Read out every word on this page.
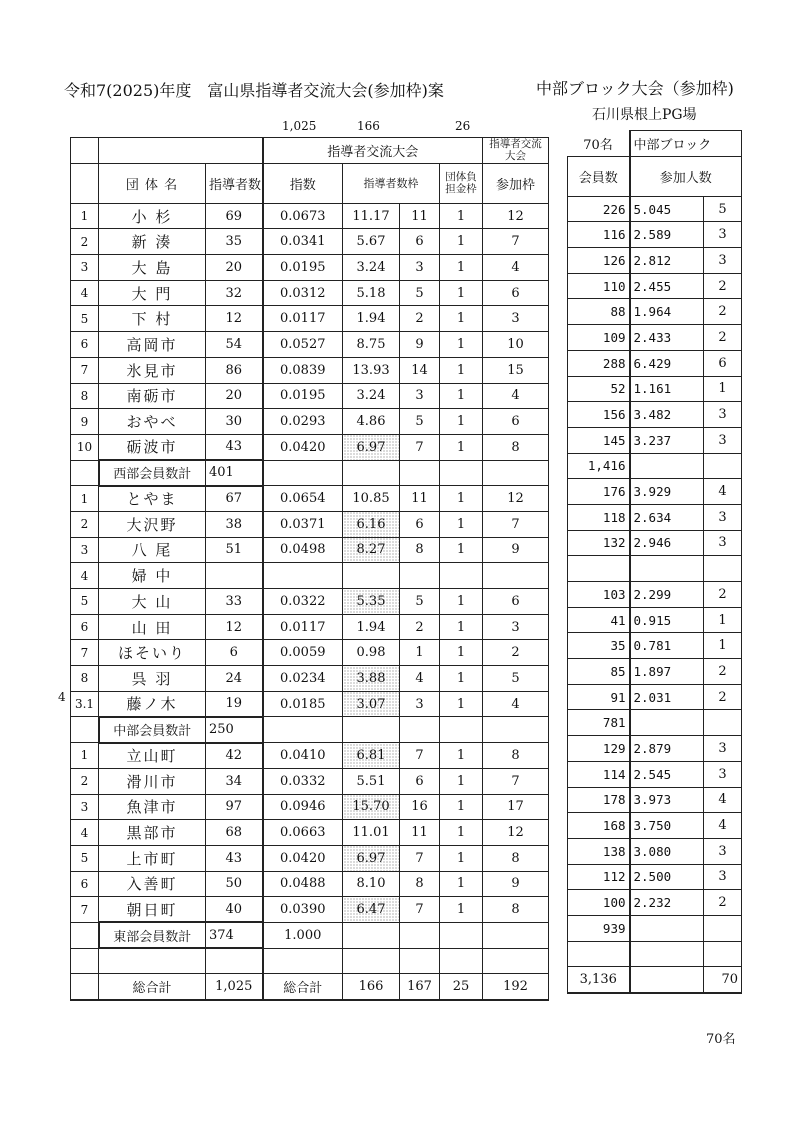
令和7(2025)年度　富山県指導者交流大会(参加枠)案	中部ブロック大会（参加枠)
石川県根上PG場
1,025	166	26
4
			指導者交流大会				指導者交流大会
	団 体 名	指導者数	指数	指導者数枠		団体負担金枠	参加枠
1	小 杉	69	0.0673	11.17	11	1	12
2	新 湊	35	0.0341	5.67	6	1	7
3	大 島	20	0.0195	3.24	3	1	4
4	大 門	32	0.0312	5.18	5	1	6
5	下 村	12	0.0117	1.94	2	1	3
6	高岡市	54	0.0527	8.75	9	1	10
7	氷見市	86	0.0839	13.93	14	1	15
8	南砺市	20	0.0195	3.24	3	1	4
9	おやべ	30	0.0293	4.86	5	1	6
10	砺波市	43	0.0420	6.97	7	1	8
	西部会員数計	401					
1	とやま	67	0.0654	10.85	11	1	12
2	大沢野	38	0.0371	6.16	6	1	7
3	八 尾	51	0.0498	8.27	8	1	9
4	婦 中						
5	大 山	33	0.0322	5.35	5	1	6
6	山 田	12	0.0117	1.94	2	1	3
7	ほそいり	6	0.0059	0.98	1	1	2
8	呉 羽	24	0.0234	3.88	4	1	5
3.1	藤ノ木	19	0.0185	3.07	3	1	4
	中部会員数計	250					
1	立山町	42	0.0410	6.81	7	1	8
2	滑川市	34	0.0332	5.51	6	1	7
3	魚津市	97	0.0946	15.70	16	1	17
4	黒部市	68	0.0663	11.01	11	1	12
5	上市町	43	0.0420	6.97	7	1	8
6	入善町	50	0.0488	8.10	8	1	9
7	朝日町	40	0.0390	6.47	7	1	8
	東部会員数計	374	1.000				

	総合計	1,025	総合計	166	167	25	192
70名	中部ブロック	
会員数	参加人数	
226	5.045	5
116	2.589	3
126	2.812	3
110	2.455	2
88	1.964	2
109	2.433	2
288	6.429	6
52	1.161	1
156	3.482	3
145	3.237	3
1,416		
176	3.929	4
118	2.634	3
132	2.946	3

103	2.299	2
41	0.915	1
35	0.781	1
85	1.897	2
91	2.031	2
781		
129	2.879	3
114	2.545	3
178	3.973	4
168	3.750	4
138	3.080	3
112	2.500	3
100	2.232	2
939		

3,136		70
70名
